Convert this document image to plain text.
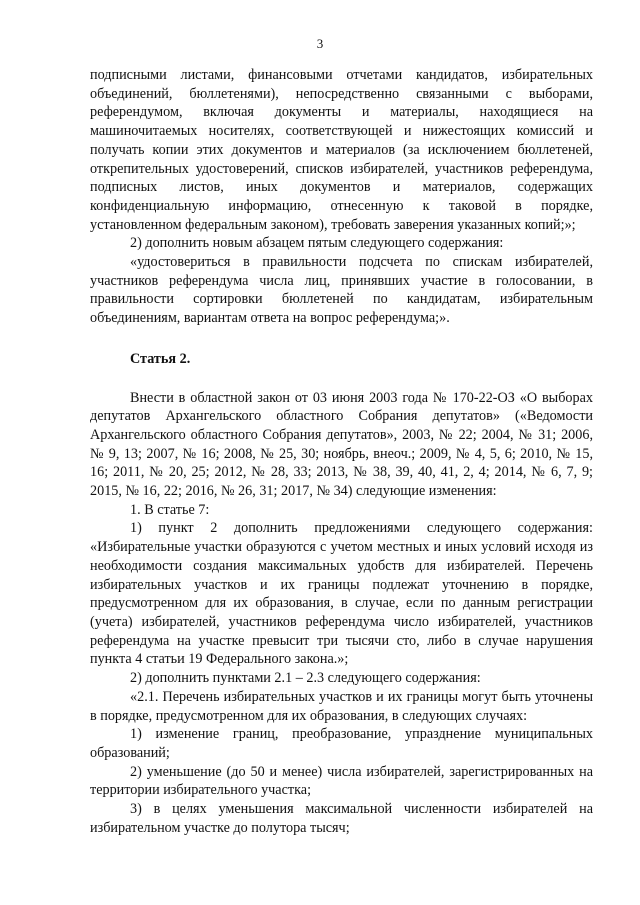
3

подписными листами, финансовыми отчетами кандидатов, избирательных объединений, бюллетенями), непосредственно связанными с выборами, референдумом, включая документы и материалы, находящиеся на машиночитаемых носителях, соответствующей и нижестоящих комиссий и получать копии этих документов и материалов (за исключением бюллетеней, открепительных удостоверений, списков избирателей, участников референдума, подписных листов, иных документов и материалов, содержащих конфиденциальную информацию, отнесенную к таковой в порядке, установленном федеральным законом), требовать заверения указанных копий;»;

2) дополнить новым абзацем пятым следующего содержания:

«удостовериться в правильности подсчета по спискам избирателей, участников референдума числа лиц, принявших участие в голосовании, в правильности сортировки бюллетеней по кандидатам, избирательным объединениям, вариантам ответа на вопрос референдума;».

Статья 2.

Внести в областной закон от 03 июня 2003 года № 170-22-ОЗ «О выборах депутатов Архангельского областного Собрания депутатов» («Ведомости Архангельского областного Собрания депутатов», 2003, № 22; 2004, № 31; 2006, № 9, 13; 2007, № 16; 2008, № 25, 30; ноябрь, внеоч.; 2009, № 4, 5, 6; 2010, № 15, 16; 2011, № 20, 25; 2012, № 28, 33; 2013, № 38, 39, 40, 41, 2, 4; 2014, № 6, 7, 9; 2015, № 16, 22; 2016, № 26, 31; 2017, № 34) следующие изменения:

1. В статье 7:

1) пункт 2 дополнить предложениями следующего содержания: «Избирательные участки образуются с учетом местных и иных условий исходя из необходимости создания максимальных удобств для избирателей. Перечень избирательных участков и их границы подлежат уточнению в порядке, предусмотренном для их образования, в случае, если по данным регистрации (учета) избирателей, участников референдума число избирателей, участников референдума на участке превысит три тысячи сто, либо в случае нарушения пункта 4 статьи 19 Федерального закона.»;

2) дополнить пунктами 2.1 – 2.3 следующего содержания:

«2.1. Перечень избирательных участков и их границы могут быть уточнены в порядке, предусмотренном для их образования, в следующих случаях:

1) изменение границ, преобразование, упразднение муниципальных образований;

2) уменьшение (до 50 и менее) числа избирателей, зарегистрированных на территории избирательного участка;

3) в целях уменьшения максимальной численности избирателей на избирательном участке до полутора тысяч;
